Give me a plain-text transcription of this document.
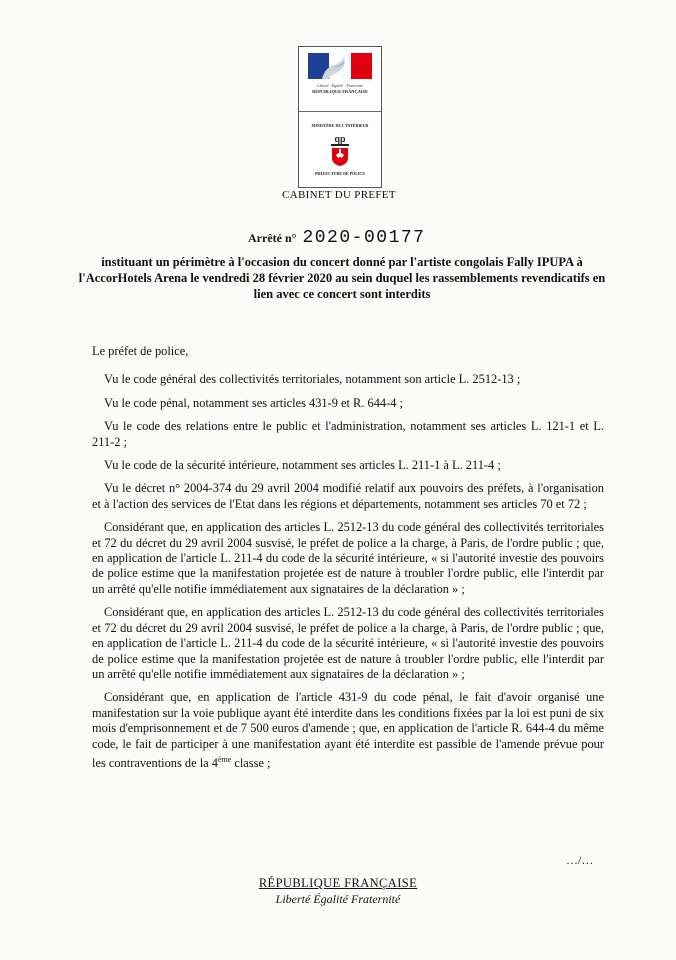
Liberté · Égalité · Fraternité
RÉPUBLIQUE FRANÇAISE
MINISTÈRE DE L'INTÉRIEUR
qp
PRÉFECTURE DE POLICE
CABINET DU PREFET
Arrêté n° 2020-00177
instituant un périmètre à l'occasion du concert donné par l'artiste congolais Fally IPUPA à l'AccorHotels Arena le vendredi 28 février 2020 au sein duquel les rassemblements revendicatifs en lien avec ce concert sont interdits

Le préfet de police,

Vu le code général des collectivités territoriales, notamment son article L. 2512-13 ;

Vu le code pénal, notamment ses articles 431-9 et R. 644-4 ;

Vu le code des relations entre le public et l'administration, notamment ses articles L. 121-1 et L. 211-2 ;

Vu le code de la sécurité intérieure, notamment ses articles L. 211-1 à L. 211-4 ;

Vu le décret n° 2004-374 du 29 avril 2004 modifié relatif aux pouvoirs des préfets, à l'organisation et à l'action des services de l'Etat dans les régions et départements, notamment ses articles 70 et 72 ;

Considérant que, en application des articles L. 2512-13 du code général des collectivités territoriales et 72 du décret du 29 avril 2004 susvisé, le préfet de police a la charge, à Paris, de l'ordre public ; que, en application de l'article L. 211-4 du code de la sécurité intérieure, « si l'autorité investie des pouvoirs de police estime que la manifestation projetée est de nature à troubler l'ordre public, elle l'interdit par un arrêté qu'elle notifie immédiatement aux signataires de la déclaration » ;

Considérant que, en application des articles L. 2512-13 du code général des collectivités territoriales et 72 du décret du 29 avril 2004 susvisé, le préfet de police a la charge, à Paris, de l'ordre public ; que, en application de l'article L. 211-4 du code de la sécurité intérieure, « si l'autorité investie des pouvoirs de police estime que la manifestation projetée est de nature à troubler l'ordre public, elle l'interdit par un arrêté qu'elle notifie immédiatement aux signataires de la déclaration » ;

Considérant que, en application de l'article 431-9 du code pénal, le fait d'avoir organisé une manifestation sur la voie publique ayant été interdite dans les conditions fixées par la loi est puni de six mois d'emprisonnement et de 7 500 euros d'amende ; que, en application de l'article R. 644-4 du même code, le fait de participer à une manifestation ayant été interdite est passible de l'amende prévue pour les contraventions de la 4ème classe ;

…/…
RÉPUBLIQUE FRANÇAISE
Liberté Égalité Fraternité
